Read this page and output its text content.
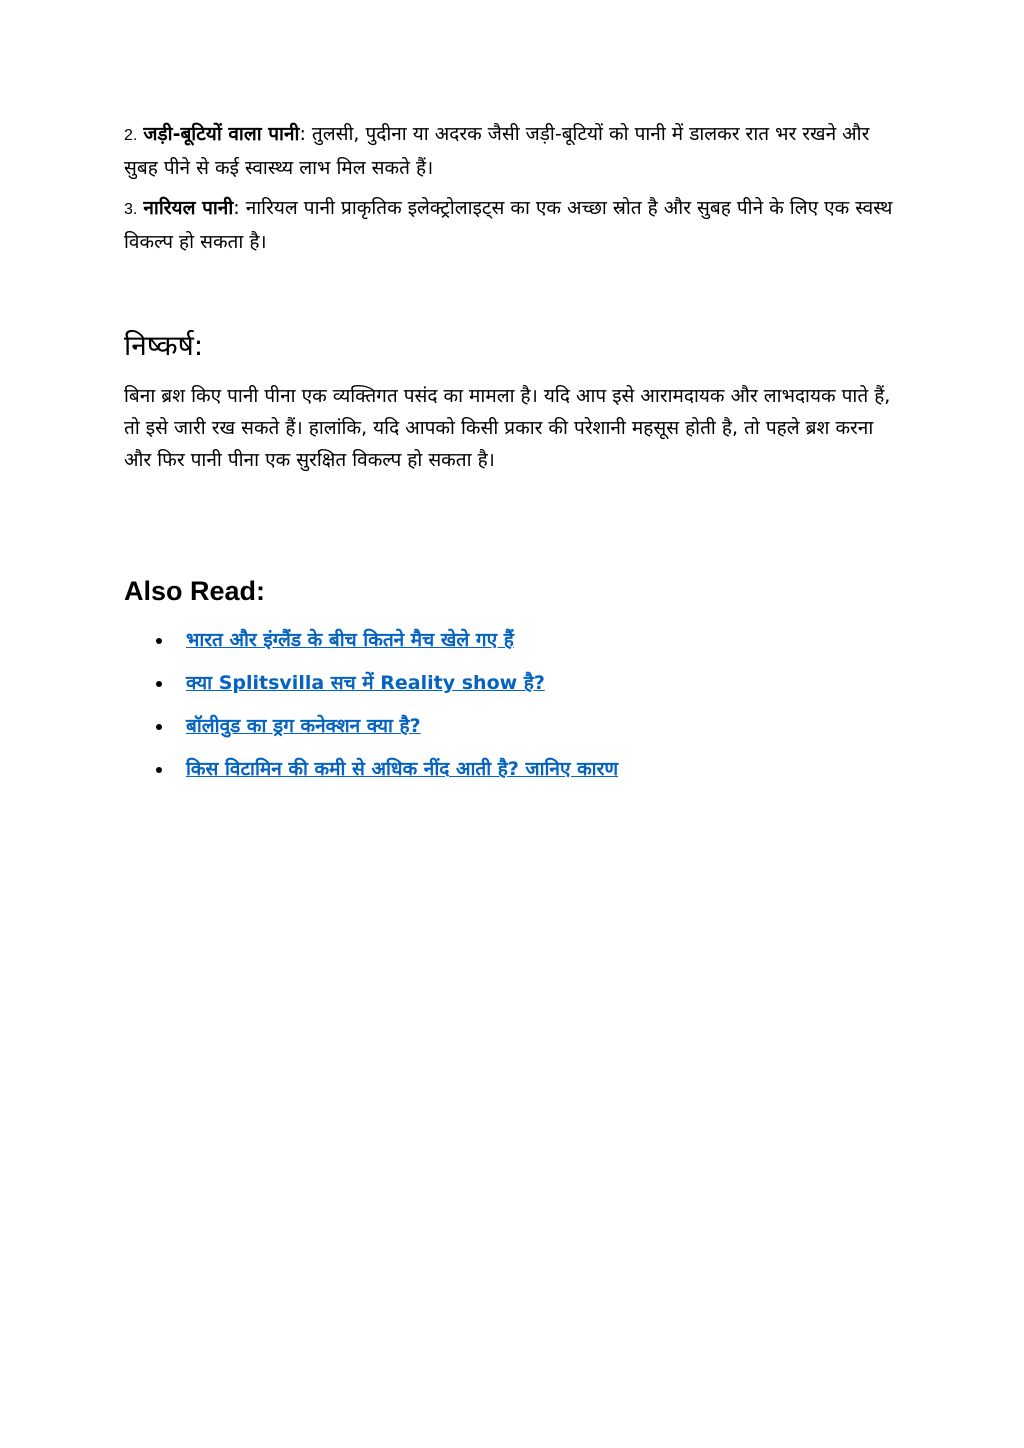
2. जड़ी-बूटियों वाला पानी: तुलसी, पुदीना या अदरक जैसी जड़ी-बूटियों को पानी में डालकर रात भर रखने और सुबह पीने से कई स्वास्थ्य लाभ मिल सकते हैं।

3. नारियल पानी: नारियल पानी प्राकृतिक इलेक्ट्रोलाइट्स का एक अच्छा स्रोत है और सुबह पीने के लिए एक स्वस्थ विकल्प हो सकता है।

निष्कर्ष:

बिना ब्रश किए पानी पीना एक व्यक्तिगत पसंद का मामला है। यदि आप इसे आरामदायक और लाभदायक पाते हैं, तो इसे जारी रख सकते हैं। हालांकि, यदि आपको किसी प्रकार की परेशानी महसूस होती है, तो पहले ब्रश करना और फिर पानी पीना एक सुरक्षित विकल्प हो सकता है।

Also Read:
भारत और इंग्लैंड के बीच कितने मैच खेले गए हैं
क्या Splitsvilla सच में Reality show है?
बॉलीवुड का ड्रग कनेक्शन क्या है?
किस विटामिन की कमी से अधिक नींद आती है? जानिए कारण
